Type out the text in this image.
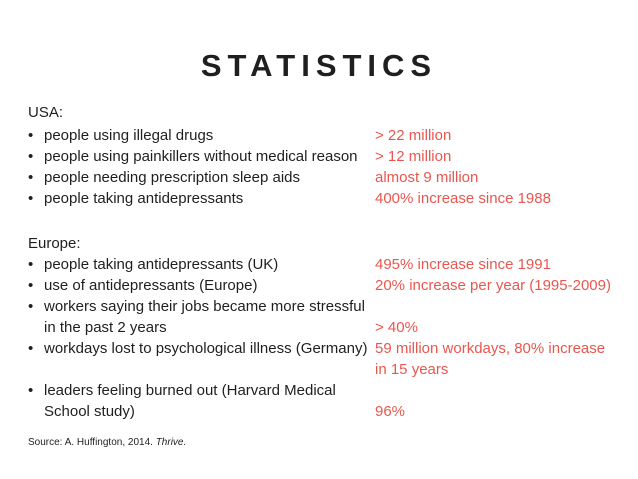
STATISTICS
USA:
• people using illegal drugs	> 22 million
• people using painkillers without medical reason > 12 million
• people needing prescription sleep aids	almost 9 million
• people taking antidepressants	400% increase since 1988
Europe:
• people taking antidepressants (UK)	495% increase since 1991
• use of antidepressants (Europe)	20% increase per year (1995-2009)
• workers saying their jobs became more stressful
in the past 2 years	> 40%
• workdays lost to psychological illness (Germany) 59 million workdays, 80% increase
in 15 years
• leaders feeling burned out (Harvard Medical
School study)	96%
Source: A. Huffington, 2014. Thrive.
